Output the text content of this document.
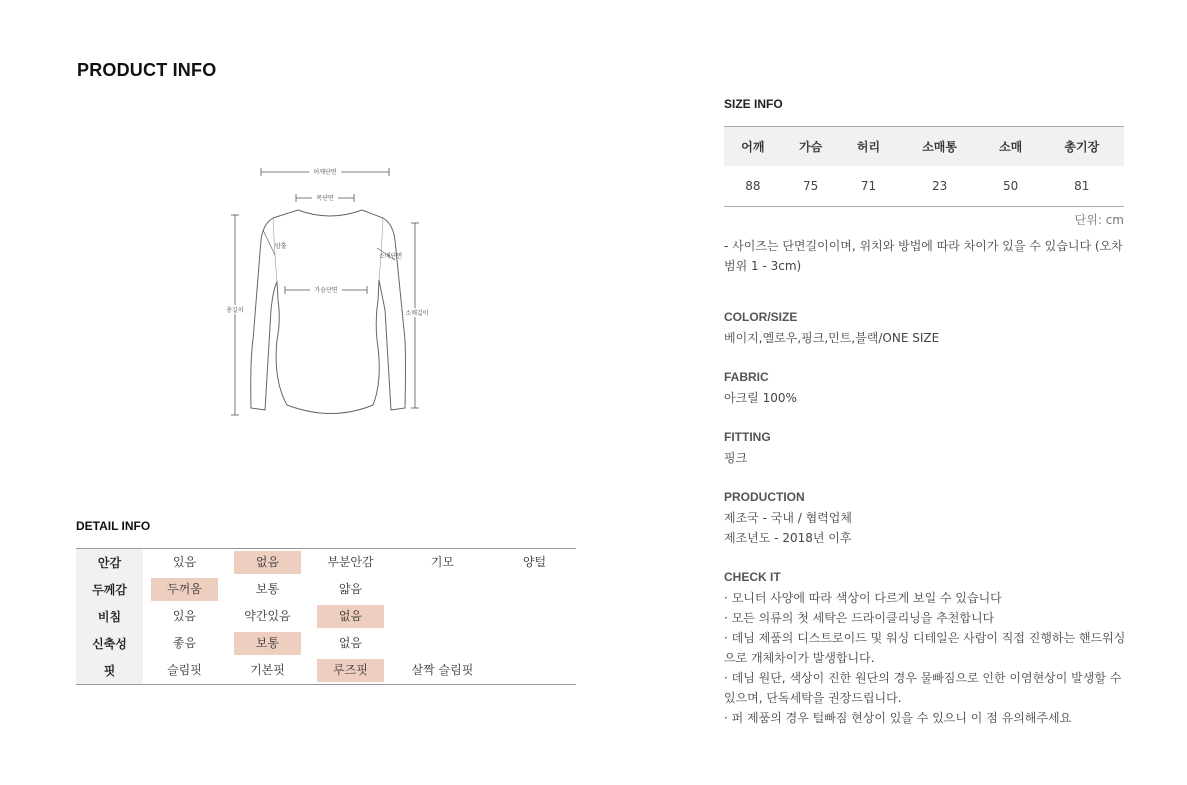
PRODUCT INFO
어깨단면
목단면
암홀
소매단면
가슴단면
총길이	소매길이
DETAIL INFO
안감	있음	없음	부분안감	기모	양털

두께감	두꺼움	보통	얇음		

비침	있음	약간있음	없음		

신축성	좋음	보통	없음		

핏	슬림핏	기본핏	루즈핏	살짝 슬림핏	

SIZE INFO
어깨	가슴	허리	소매통	소매	총기장
88	75	71	23	50	81
단위: cm
- 사이즈는 단면길이이며, 위치와 방법에 따라 차이가 있을 수 있습니다 (오차범위 1 - 3cm)
COLOR/SIZE

베이지,옐로우,핑크,민트,블랙/ONE SIZE

FABRIC

아크릴 100%

FITTING

핑크

PRODUCTION

제조국 - 국내 / 협력업체

제조년도 - 2018년 이후

CHECK IT

· 모니터 사양에 따라 색상이 다르게 보일 수 있습니다

· 모든 의류의 첫 세탁은 드라이클리닝을 추천합니다

· 데님 제품의 디스트로이드 및 워싱 디테일은 사람이 직접 진행하는 핸드워싱으로 개체차이가 발생합니다.

· 데님 원단, 색상이 진한 원단의 경우 물빠짐으로 인한 이염현상이 발생할 수 있으며, 단독세탁을 권장드립니다.

· 퍼 제품의 경우 털빠짐 현상이 있을 수 있으니 이 점 유의해주세요
